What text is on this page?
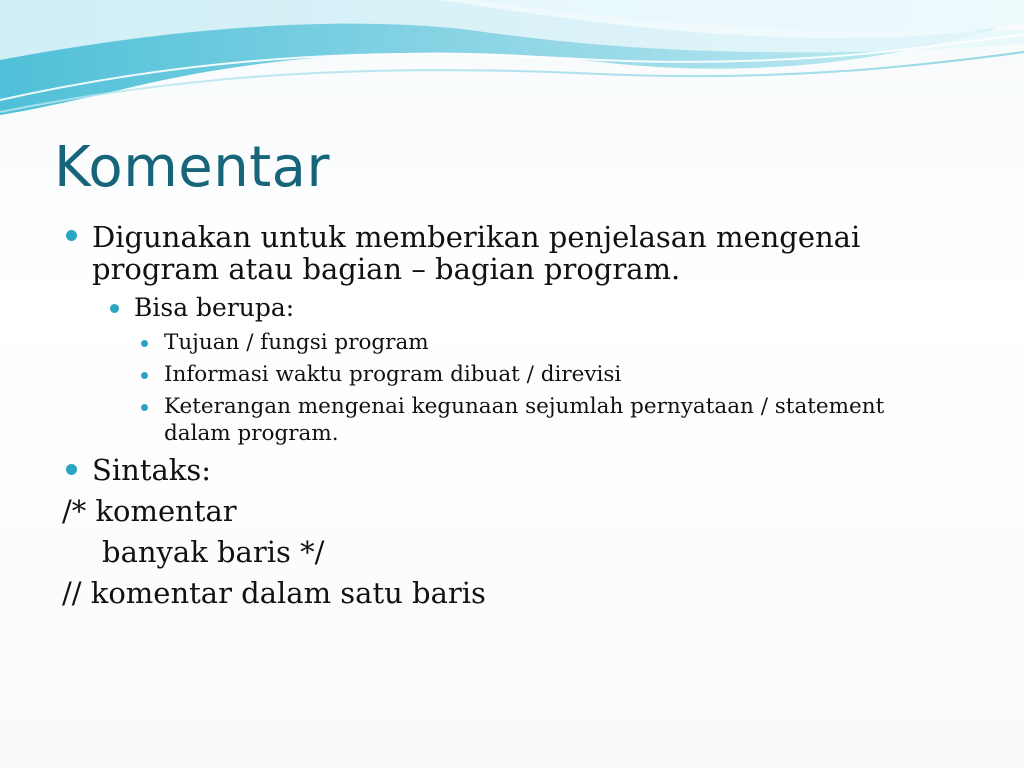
Komentar

Digunakan untuk memberikan penjelasan mengenai

program atau bagian – bagian program.

Bisa berupa:

Tujuan / fungsi program

Informasi waktu program dibuat / direvisi

Keterangan mengenai kegunaan sejumlah pernyataan / statement

dalam program.

Sintaks:

/* komentar

banyak baris */

// komentar dalam satu baris
